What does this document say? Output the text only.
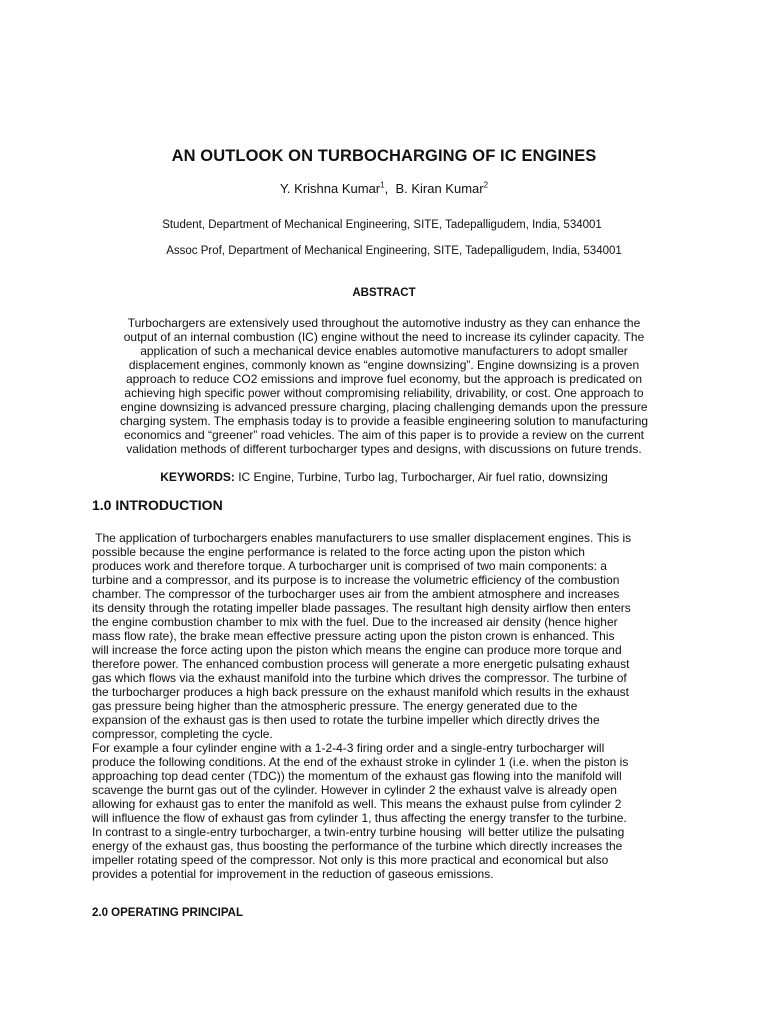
AN OUTLOOK ON TURBOCHARGING OF IC ENGINES
Y. Krishna Kumar$^1$,  B. Kiran Kumar$^2$
Student, Department of Mechanical Engineering, SITE, Tadepalligudem, India, 534001
Assoc Prof, Department of Mechanical Engineering, SITE, Tadepalligudem, India, 534001
ABSTRACT

Turbochargers are extensively used throughout the automotive industry as they can enhance the
output of an internal combustion (IC) engine without the need to increase its cylinder capacity. The
application of such a mechanical device enables automotive manufacturers to adopt smaller
displacement engines, commonly known as “engine downsizing”. Engine downsizing is a proven
approach to reduce CO2 emissions and improve fuel economy, but the approach is predicated on
achieving high specific power without compromising reliability, drivability, or cost. One approach to
engine downsizing is advanced pressure charging, placing challenging demands upon the pressure
charging system. The emphasis today is to provide a feasible engineering solution to manufacturing
economics and “greener” road vehicles. The aim of this paper is to provide a review on the current
validation methods of different turbocharger types and designs, with discussions on future trends.

KEYWORDS: IC Engine, Turbine, Turbo lag, Turbocharger, Air fuel ratio, downsizing
1.0 INTRODUCTION

The application of turbochargers enables manufacturers to use smaller displacement engines. This is
possible because the engine performance is related to the force acting upon the piston which
produces work and therefore torque. A turbocharger unit is comprised of two main components: a
turbine and a compressor, and its purpose is to increase the volumetric efficiency of the combustion
chamber. The compressor of the turbocharger uses air from the ambient atmosphere and increases
its density through the rotating impeller blade passages. The resultant high density airflow then enters
the engine combustion chamber to mix with the fuel. Due to the increased air density (hence higher
mass flow rate), the brake mean effective pressure acting upon the piston crown is enhanced. This
will increase the force acting upon the piston which means the engine can produce more torque and
therefore power. The enhanced combustion process will generate a more energetic pulsating exhaust
gas which flows via the exhaust manifold into the turbine which drives the compressor. The turbine of
the turbocharger produces a high back pressure on the exhaust manifold which results in the exhaust
gas pressure being higher than the atmospheric pressure. The energy generated due to the
expansion of the exhaust gas is then used to rotate the turbine impeller which directly drives the
compressor, completing the cycle.
For example a four cylinder engine with a 1-2-4-3 firing order and a single-entry turbocharger will
produce the following conditions. At the end of the exhaust stroke in cylinder 1 (i.e. when the piston is
approaching top dead center (TDC)) the momentum of the exhaust gas flowing into the manifold will
scavenge the burnt gas out of the cylinder. However in cylinder 2 the exhaust valve is already open
allowing for exhaust gas to enter the manifold as well. This means the exhaust pulse from cylinder 2
will influence the flow of exhaust gas from cylinder 1, thus affecting the energy transfer to the turbine.
In contrast to a single-entry turbocharger, a twin-entry turbine housing  will better utilize the pulsating
energy of the exhaust gas, thus boosting the performance of the turbine which directly increases the
impeller rotating speed of the compressor. Not only is this more practical and economical but also
provides a potential for improvement in the reduction of gaseous emissions.

2.0 OPERATING PRINCIPAL
